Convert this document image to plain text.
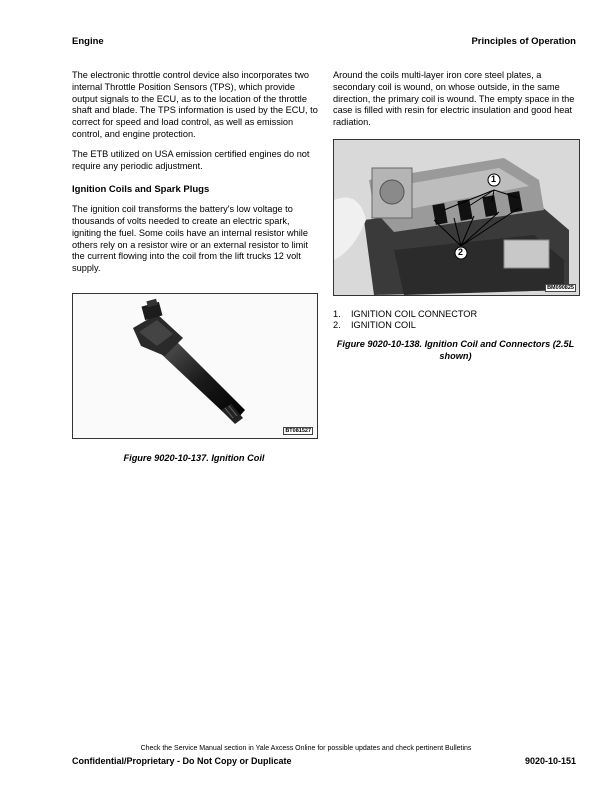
Engine	Principles of Operation

The electronic throttle control device also incorporates two internal Throttle Position Sensors (TPS), which provide output signals to the ECU, as to the location of the throttle shaft and blade. The TPS information is used by the ECU, to correct for speed and load control, as well as emission control, and engine protection.

The ETB utilized on USA emission certified engines do not require any periodic adjustment.

Ignition Coils and Spark Plugs

The ignition coil transforms the battery's low voltage to thousands of volts needed to create an electric spark, igniting the fuel. Some coils have an internal resistor while others rely on a resistor wire or an external resistor to limit the current flowing into the coil from the lift trucks 12 volt supply.

Around the coils multi-layer iron core steel plates, a secondary coil is wound, on whose outside, in the same direction, the primary coil is wound. The empty space in the case is filled with resin for electric insulation and good heat radiation.

BT081527
Figure 9020-10-137. Ignition Coil
1
2
BM090825
1.	IGNITION COIL CONNECTOR
2.	IGNITION COIL
Figure 9020-10-138. Ignition Coil and Connectors (2.5L shown)
Check the Service Manual section in Yale Axcess Online for possible updates and check pertinent Bulletins
Confidential/Proprietary - Do Not Copy or Duplicate	9020-10-151
